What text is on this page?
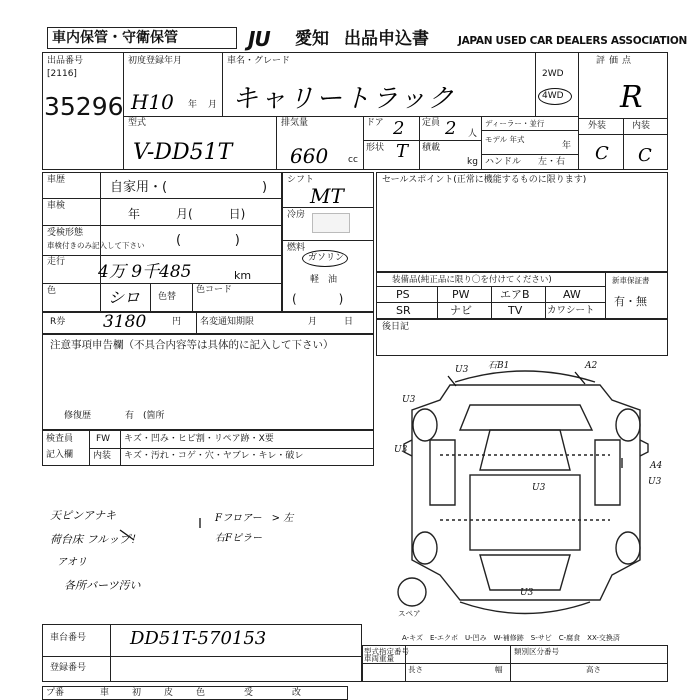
車内保管・守衛保管	JU 愛知 出品申込書	JAPAN USED CAR DEALERS ASSOCIATION
出品番号
[2116]
35296
初度登録年月
H10 年 月
車名・グレード
キャリートラック
2WD
4WD
評価点
R
外装	内装
C C
型式
V-DD51T
排気量
660 cc
ドア 2 定員 2 人
形状 T 積載
kg
ディーラー・並行
モデル 年式
年
ハンドル 左・右
車歴	自家用・(	)
車検
年　　　月(　　　日)
受検形態
車検付きのみ記入して下さい (             )
走行 4万 9千485	km
色	シロ 色替
色コード
シフト
MT
冷房
燃料
ガソリン
軽　油
(           )
セールスポイント(正常に機能するものに限ります)
装備品(純正品に限り〇を付けてください)	新車保証書
有・無
PS	PW	エアB	AW
SR	ナビ	TV	カワシート
R券 3180	円 名変通知期限	月　　　日
注意事項申告欄（不具合内容等は具体的に記入して下さい）
修復歴	有　(箇所
後日記
検査員
記入欄
FW キズ・凹み・ヒビ割・リペア跡・X要
内装 キズ・汚れ・コゲ・穴・ヤブレ・キレ・破レ
天ピンアナキ
荷台床 フルップ！
アオリ
各所バーツ汚い
Fフロアー　> 左
右Fピラー
U3 石B1	A2
U3
U3
U3
A4
U3
U3
スペア
A-キズ　E-エクボ　U-凹み　W-補修跡　S-サビ　C-腐食　XX-交換済
車台番号 DD51T-570153
登録番号
型式指定番号
車両重量
類別区分番号
長さ	幅	高さ
プ番	車	初	皮	色	受	改
